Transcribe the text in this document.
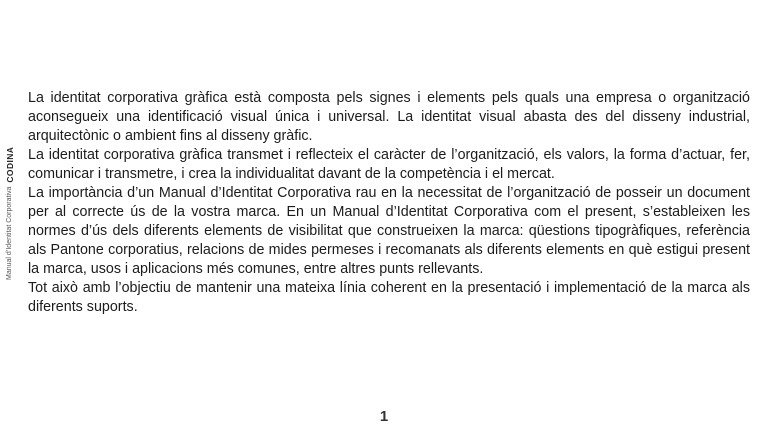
Manual d’Identitat Corporativa
CODINA

La identitat corporativa gràfica està composta pels signes i elements pels quals una empresa o organització aconsegueix una identificació visual única i universal. La identitat visual abasta des del disseny industrial, arquitectònic o ambient fins al disseny gràfic.

La identitat corporativa gràfica transmet i reflecteix el caràcter de l’organització, els valors, la forma d’actuar, fer, comunicar i transmetre, i crea la individualitat davant de la competència i el mercat.

La importància d’un Manual d’Identitat Corporativa rau en la necessitat de l’organització de posseir un document per al correcte ús de la vostra marca. En un Manual d’Identitat Corporativa com el present, s’estableixen les normes d’ús dels diferents elements de visibilitat que construeixen la marca: qüestions tipogràfiques, referència als Pantone corporatius, relacions de mides permeses i recomanats als diferents elements en què estigui present la marca, usos i aplicacions més comunes, entre altres punts rellevants.

Tot això amb l’objectiu de mantenir una mateixa línia coherent en la presentació i implementació de la marca als diferents suports.

1
